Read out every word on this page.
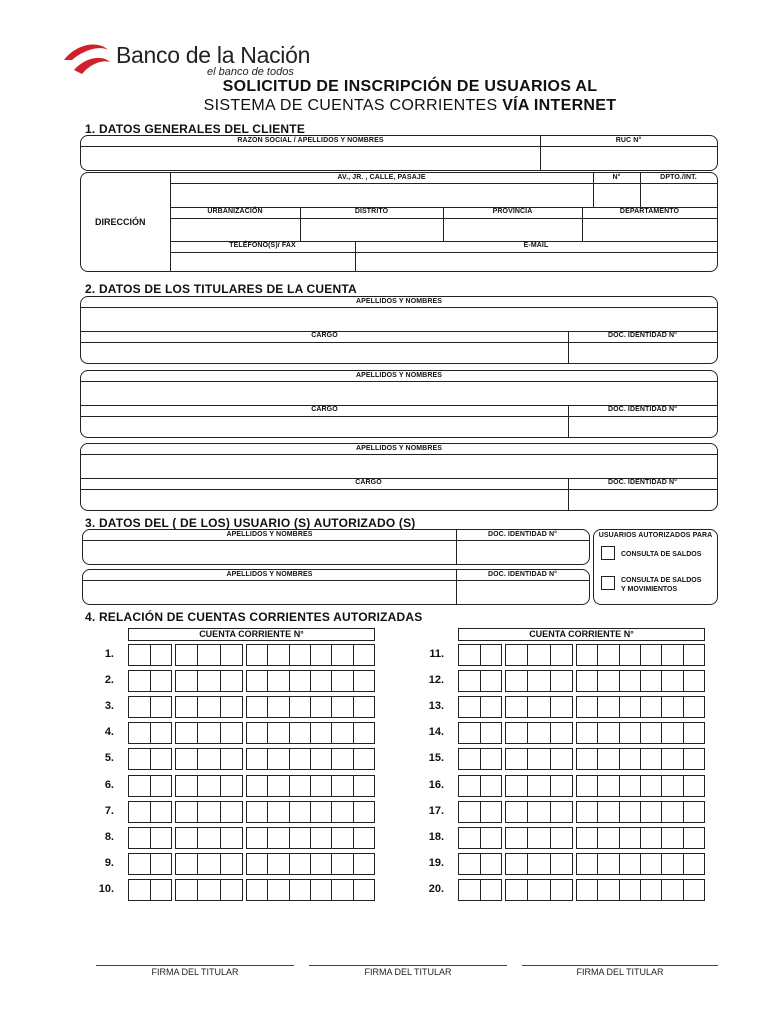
Banco de la Nación
el banco de todos
SOLICITUD DE INSCRIPCIÓN DE USUARIOS AL
SISTEMA DE CUENTAS CORRIENTES VÍA INTERNET
1. DATOS GENERALES DEL CLIENTE
RAZÓN SOCIAL / APELLIDOS Y NOMBRES	RUC N°
DIRECCIÓN
AV., JR. , CALLE, PASAJE	N°	DPTO./INT.
URBANIZACIÓN	DISTRITO	PROVINCIA	DEPARTAMENTO
TELÉFONO(S)/ FAX	E-MAIL
2. DATOS DE LOS TITULARES DE LA CUENTA
APELLIDOS Y NOMBRES
CARGO	DOC. IDENTIDAD N°
APELLIDOS Y NOMBRES
CARGO	DOC. IDENTIDAD N°
APELLIDOS Y NOMBRES
CARGO	DOC. IDENTIDAD N°
3. DATOS DEL ( DE LOS) USUARIO (S) AUTORIZADO (S)
APELLIDOS Y NOMBRES	DOC. IDENTIDAD N°
APELLIDOS Y NOMBRES	DOC. IDENTIDAD N°
USUARIOS AUTORIZADOS PARA
CONSULTA DE SALDOS
CONSULTA DE SALDOS
Y MOVIMIENTOS
4. RELACIÓN DE CUENTAS CORRIENTES AUTORIZADAS
CUENTA CORRIENTE N°	CUENTA CORRIENTE N°
1.
2.
3.
4.
5.
6.
7.
8.
9.
10.
11.
12.
13.
14.
15.
16.
17.
18.
19.
20.
FIRMA DEL TITULAR	FIRMA DEL TITULAR	FIRMA DEL TITULAR
